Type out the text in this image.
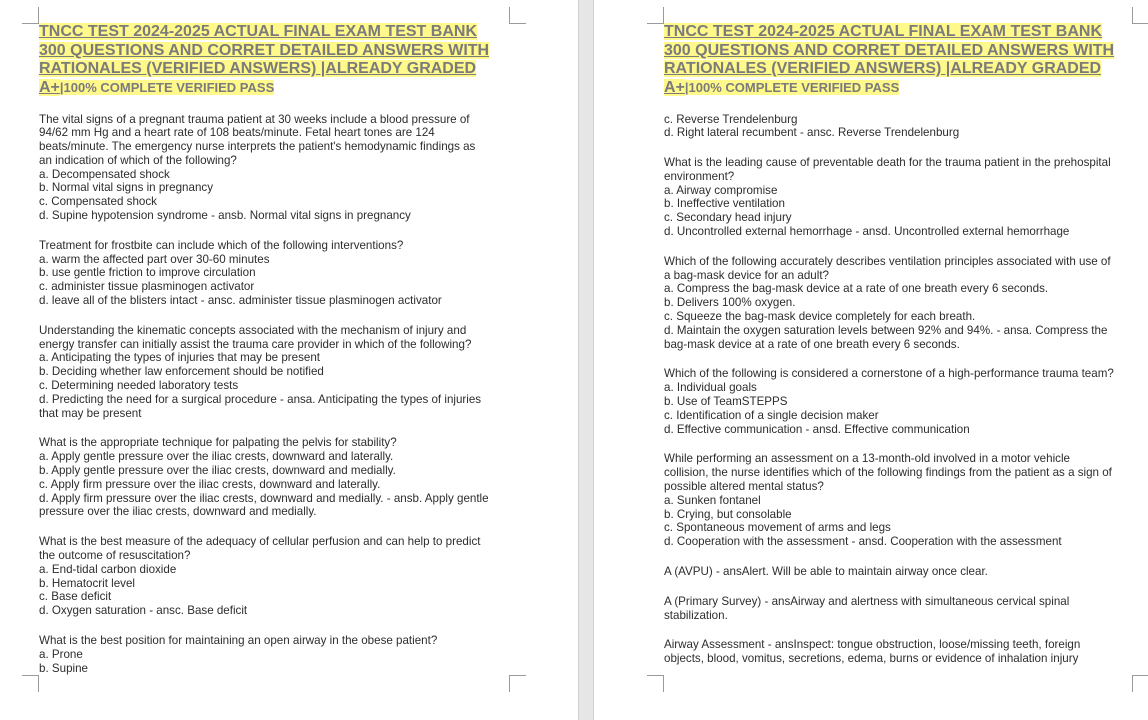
TNCC TEST 2024-2025 ACTUAL FINAL EXAM TEST BANK
300 QUESTIONS AND CORRET DETAILED ANSWERS WITH
RATIONALES (VERIFIED ANSWERS) |ALREADY GRADED
A+|100% COMPLETE VERIFIED PASS
The vital signs of a pregnant trauma patient at 30 weeks include a blood pressure of
94/62 mm Hg and a heart rate of 108 beats/minute. Fetal heart tones are 124
beats/minute. The emergency nurse interprets the patient's hemodynamic findings as
an indication of which of the following?
a. Decompensated shock
b. Normal vital signs in pregnancy
c. Compensated shock
d. Supine hypotension syndrome - ansb. Normal vital signs in pregnancy
Treatment for frostbite can include which of the following interventions?
a. warm the affected part over 30-60 minutes
b. use gentle friction to improve circulation
c. administer tissue plasminogen activator
d. leave all of the blisters intact - ansc. administer tissue plasminogen activator
Understanding the kinematic concepts associated with the mechanism of injury and
energy transfer can initially assist the trauma care provider in which of the following?
a. Anticipating the types of injuries that may be present
b. Deciding whether law enforcement should be notified
c. Determining needed laboratory tests
d. Predicting the need for a surgical procedure - ansa. Anticipating the types of injuries
that may be present
What is the appropriate technique for palpating the pelvis for stability?
a. Apply gentle pressure over the iliac crests, downward and laterally.
b. Apply gentle pressure over the iliac crests, downward and medially.
c. Apply firm pressure over the iliac crests, downward and laterally.
d. Apply firm pressure over the iliac crests, downward and medially. - ansb. Apply gentle
pressure over the iliac crests, downward and medially.
What is the best measure of the adequacy of cellular perfusion and can help to predict
the outcome of resuscitation?
a. End-tidal carbon dioxide
b. Hematocrit level
c. Base deficit
d. Oxygen saturation - ansc. Base deficit
What is the best position for maintaining an open airway in the obese patient?
a. Prone
b. Supine
TNCC TEST 2024-2025 ACTUAL FINAL EXAM TEST BANK
300 QUESTIONS AND CORRET DETAILED ANSWERS WITH
RATIONALES (VERIFIED ANSWERS) |ALREADY GRADED
A+|100% COMPLETE VERIFIED PASS
c. Reverse Trendelenburg
d. Right lateral recumbent - ansc. Reverse Trendelenburg
What is the leading cause of preventable death for the trauma patient in the prehospital
environment?
a. Airway compromise
b. Ineffective ventilation
c. Secondary head injury
d. Uncontrolled external hemorrhage - ansd. Uncontrolled external hemorrhage
Which of the following accurately describes ventilation principles associated with use of
a bag-mask device for an adult?
a. Compress the bag-mask device at a rate of one breath every 6 seconds.
b. Delivers 100% oxygen.
c. Squeeze the bag-mask device completely for each breath.
d. Maintain the oxygen saturation levels between 92% and 94%. - ansa. Compress the
bag-mask device at a rate of one breath every 6 seconds.
Which of the following is considered a cornerstone of a high-performance trauma team?
a. Individual goals
b. Use of TeamSTEPPS
c. Identification of a single decision maker
d. Effective communication - ansd. Effective communication
While performing an assessment on a 13-month-old involved in a motor vehicle
collision, the nurse identifies which of the following findings from the patient as a sign of
possible altered mental status?
a. Sunken fontanel
b. Crying, but consolable
c. Spontaneous movement of arms and legs
d. Cooperation with the assessment - ansd. Cooperation with the assessment
A (AVPU) - ansAlert. Will be able to maintain airway once clear.
A (Primary Survey) - ansAirway and alertness with simultaneous cervical spinal
stabilization.
Airway Assessment - ansInspect: tongue obstruction, loose/missing teeth, foreign
objects, blood, vomitus, secretions, edema, burns or evidence of inhalation injury
